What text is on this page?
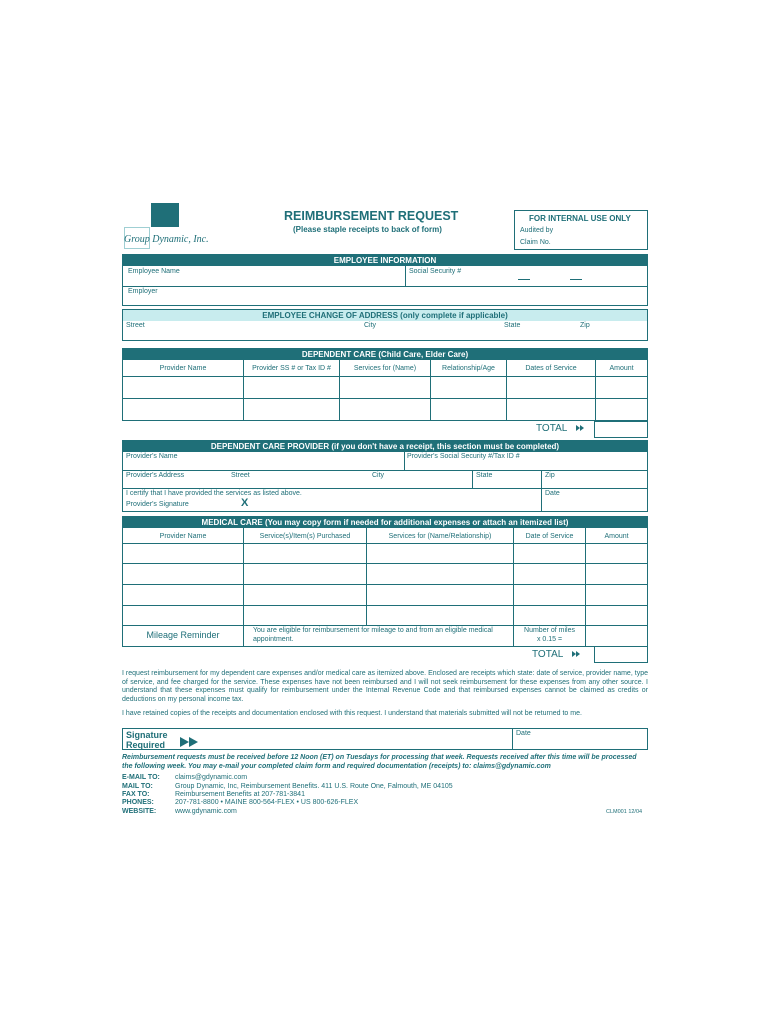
Group Dynamic, Inc.
REIMBURSEMENT REQUEST
(Please staple receipts to back of form)
FOR INTERNAL USE ONLY
Audited by
Claim No.
EMPLOYEE INFORMATION
Employee Name	Social Security #
Employer
EMPLOYEE CHANGE OF ADDRESS (only complete if applicable)
Street	City	State	Zip
DEPENDENT CARE (Child Care, Elder Care)
Provider Name	Provider SS # or Tax ID #	Services for (Name)	Relationship/Age	Dates of Service	Amount
TOTAL
DEPENDENT CARE PROVIDER (if you don't have a receipt, this section must be completed)
Provider's Name	Provider's Social Security #/Tax ID #
Provider's Address	Street	City	State	Zip
I certify that I have provided the services as listed above.
Provider's Signature	X
Date
MEDICAL CARE (You may copy form if needed for additional expenses or attach an itemized list)
Provider Name	Service(s)/Item(s) Purchased	Services for (Name/Relationship)	Date of Service	Amount
Mileage Reminder	You are eligible for reimbursement for mileage to and from an eligible medical appointment.
Number of miles
x 0.15 =
TOTAL
I request reimbursement for my dependent care expenses and/or medical care as itemized above. Enclosed are receipts which state: date of service, provider name, type of service, and fee charged for the service. These expenses have not been reimbursed and I will not seek reimbursement for these expenses from any other source. I understand that these expenses must qualify for reimbursement under the Internal Revenue Code and that reimbursed expenses cannot be claimed as credits or deductions on my personal income tax.
I have retained copies of the receipts and documentation enclosed with this request. I understand that materials submitted will not be returned to me.
Signature
Required
Date
Reimbursement requests must be received before 12 Noon (ET) on Tuesdays for processing that week. Requests received after this time will be processed the following week. You may e-mail your completed claim form and required documentation (receipts) to: claims@gdynamic.com
E-MAIL TO: claims@gdynamic.com
MAIL TO:	Group Dynamic, Inc, Reimbursement Benefits. 411 U.S. Route One, Falmouth, ME 04105
FAX TO:	Reimbursement Benefits at 207-781-3841
PHONES:	207-781-8800 • MAINE 800-564-FLEX • US 800-626-FLEX
WEBSITE:	www.gdynamic.com	CLM001 12/04
